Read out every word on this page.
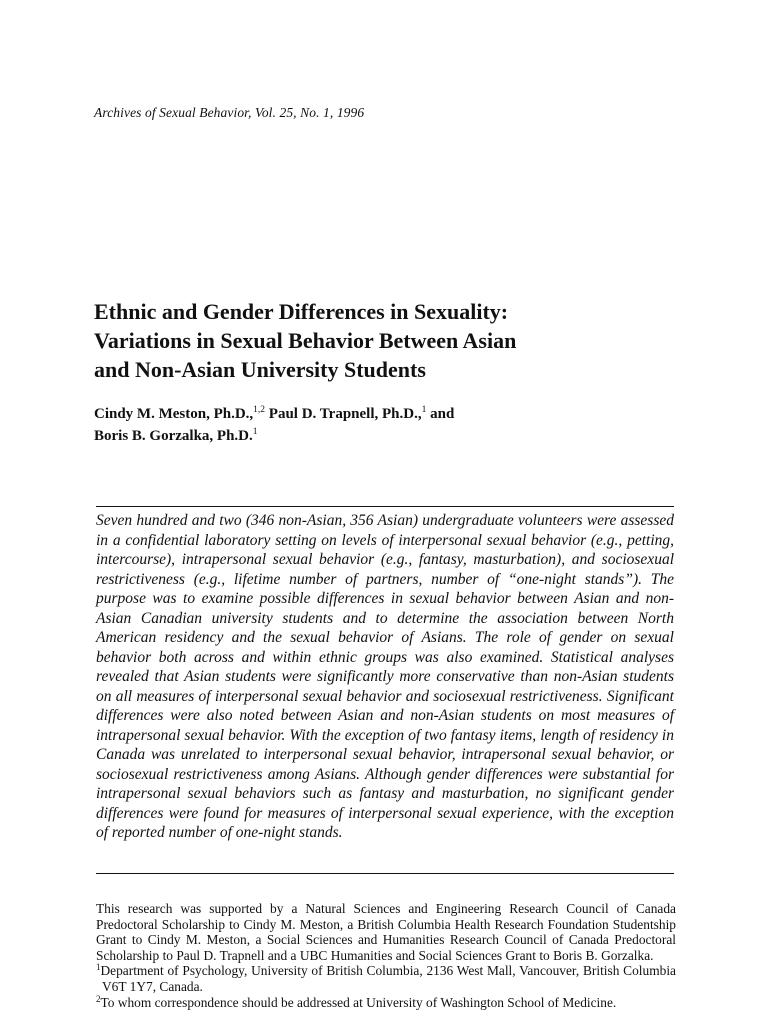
Archives of Sexual Behavior, Vol. 25, No. 1, 1996
Ethnic and Gender Differences in Sexuality:
Variations in Sexual Behavior Between Asian
and Non-Asian University Students
Cindy M. Meston, Ph.D.,$^{1,2}$ Paul D. Trapnell, Ph.D.,$^1$ and
Boris B. Gorzalka, Ph.D.$^1$

Seven hundred and two (346 non-Asian, 356 Asian) undergraduate volunteers were assessed in a confidential laboratory setting on levels of interpersonal sexual behavior (e.g., petting, intercourse), intrapersonal sexual behavior (e.g., fantasy, masturbation), and sociosexual restrictiveness (e.g., lifetime number of partners, number of “one-night stands”). The purpose was to examine possible differences in sexual behavior between Asian and non-Asian Canadian university students and to determine the association between North American residency and the sexual behavior of Asians. The role of gender on sexual behavior both across and within ethnic groups was also examined. Statistical analyses revealed that Asian students were significantly more conservative than non-Asian students on all measures of interpersonal sexual behavior and sociosexual restrictiveness. Significant differences were also noted between Asian and non-Asian students on most measures of intrapersonal sexual behavior. With the exception of two fantasy items, length of residency in Canada was unrelated to interpersonal sexual behavior, intrapersonal sexual behavior, or sociosexual restrictiveness among Asians. Although gender differences were substantial for intrapersonal sexual behaviors such as fantasy and masturbation, no significant gender differences were found for measures of interpersonal sexual experience, with the exception of reported number of one-night stands.

This research was supported by a Natural Sciences and Engineering Research Council of Canada Predoctoral Scholarship to Cindy M. Meston, a British Columbia Health Research Foundation Studentship Grant to Cindy M. Meston, a Social Sciences and Humanities Research Council of Canada Predoctoral Scholarship to Paul D. Trapnell and a UBC Humanities and Social Sciences Grant to Boris B. Gorzalka.

$^1$Department of Psychology, University of British Columbia, 2136 West Mall, Vancouver, British Columbia V6T 1Y7, Canada.

$^2$To whom correspondence should be addressed at University of Washington School of Medicine.
